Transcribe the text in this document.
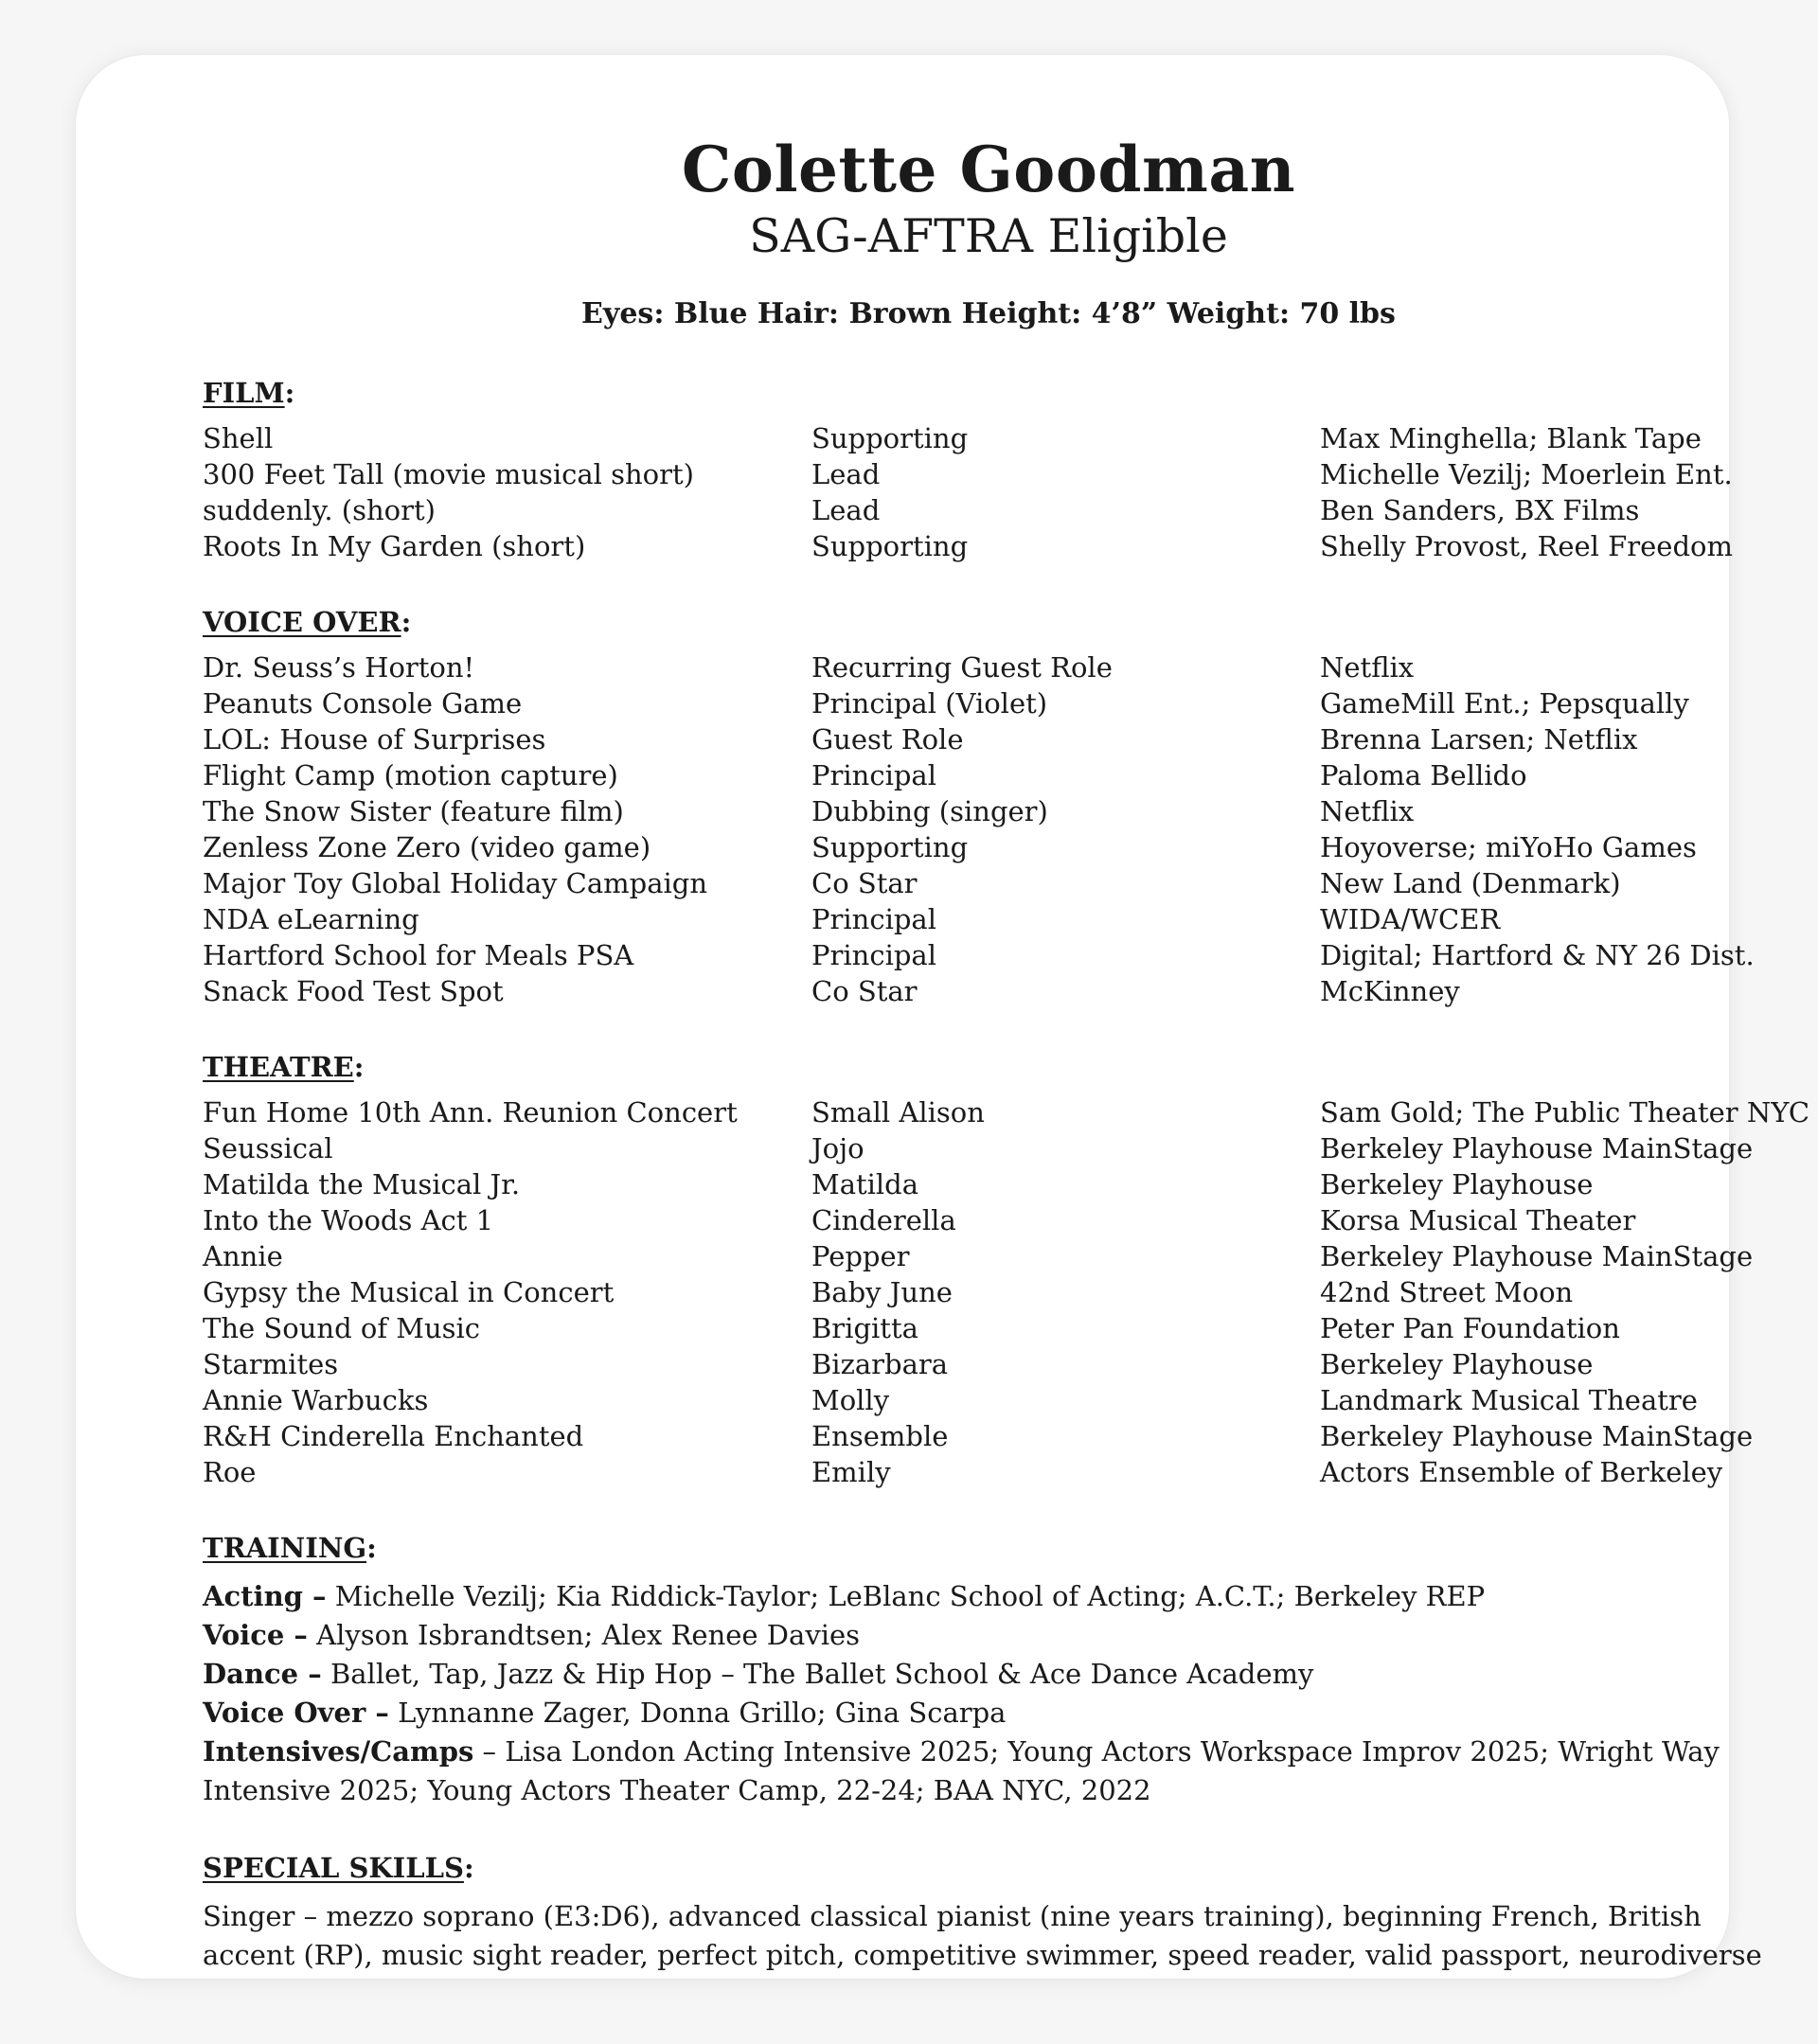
Colette Goodman
SAG-AFTRA Eligible
Eyes: Blue Hair: Brown Height: 4’8” Weight: 70 lbs
FILM:
Shell	Supporting	Max Minghella; Blank Tape
300 Feet Tall (movie musical short)	Lead	Michelle Vezilj; Moerlein Ent.
suddenly. (short)	Lead	Ben Sanders, BX Films
Roots In My Garden (short)	Supporting	Shelly Provost, Reel Freedom
VOICE OVER:
Dr. Seuss’s Horton!	Recurring Guest Role	Netflix
Peanuts Console Game	Principal (Violet)	GameMill Ent.; Pepsqually
LOL: House of Surprises	Guest Role	Brenna Larsen; Netflix
Flight Camp (motion capture)	Principal	Paloma Bellido
The Snow Sister (feature film)	Dubbing (singer)	Netflix
Zenless Zone Zero (video game)	Supporting	Hoyoverse; miYoHo Games
Major Toy Global Holiday Campaign	Co Star	New Land (Denmark)
NDA eLearning	Principal	WIDA/WCER
Hartford School for Meals PSA	Principal	Digital; Hartford & NY 26 Dist.
Snack Food Test Spot	Co Star	McKinney
THEATRE:
Fun Home 10th Ann. Reunion Concert	Small Alison	Sam Gold; The Public Theater NYC
Seussical	Jojo	Berkeley Playhouse MainStage
Matilda the Musical Jr.	Matilda	Berkeley Playhouse
Into the Woods Act 1	Cinderella	Korsa Musical Theater
Annie	Pepper	Berkeley Playhouse MainStage
Gypsy the Musical in Concert	Baby June	42nd Street Moon
The Sound of Music	Brigitta	Peter Pan Foundation
Starmites	Bizarbara	Berkeley Playhouse
Annie Warbucks	Molly	Landmark Musical Theatre
R&H Cinderella Enchanted	Ensemble	Berkeley Playhouse MainStage
Roe	Emily	Actors Ensemble of Berkeley
TRAINING:
Acting – Michelle Vezilj; Kia Riddick-Taylor; LeBlanc School of Acting; A.C.T.; Berkeley REP
Voice – Alyson Isbrandtsen; Alex Renee Davies
Dance – Ballet, Tap, Jazz & Hip Hop – The Ballet School & Ace Dance Academy
Voice Over – Lynnanne Zager, Donna Grillo; Gina Scarpa
Intensives/Camps – Lisa London Acting Intensive 2025; Young Actors Workspace Improv 2025; Wright Way Intensive 2025; Young Actors Theater Camp, 22-24; BAA NYC, 2022
SPECIAL SKILLS:
Singer – mezzo soprano (E3:D6), advanced classical pianist (nine years training), beginning French, British accent (RP), music sight reader, perfect pitch, competitive swimmer, speed reader, valid passport, neurodiverse
